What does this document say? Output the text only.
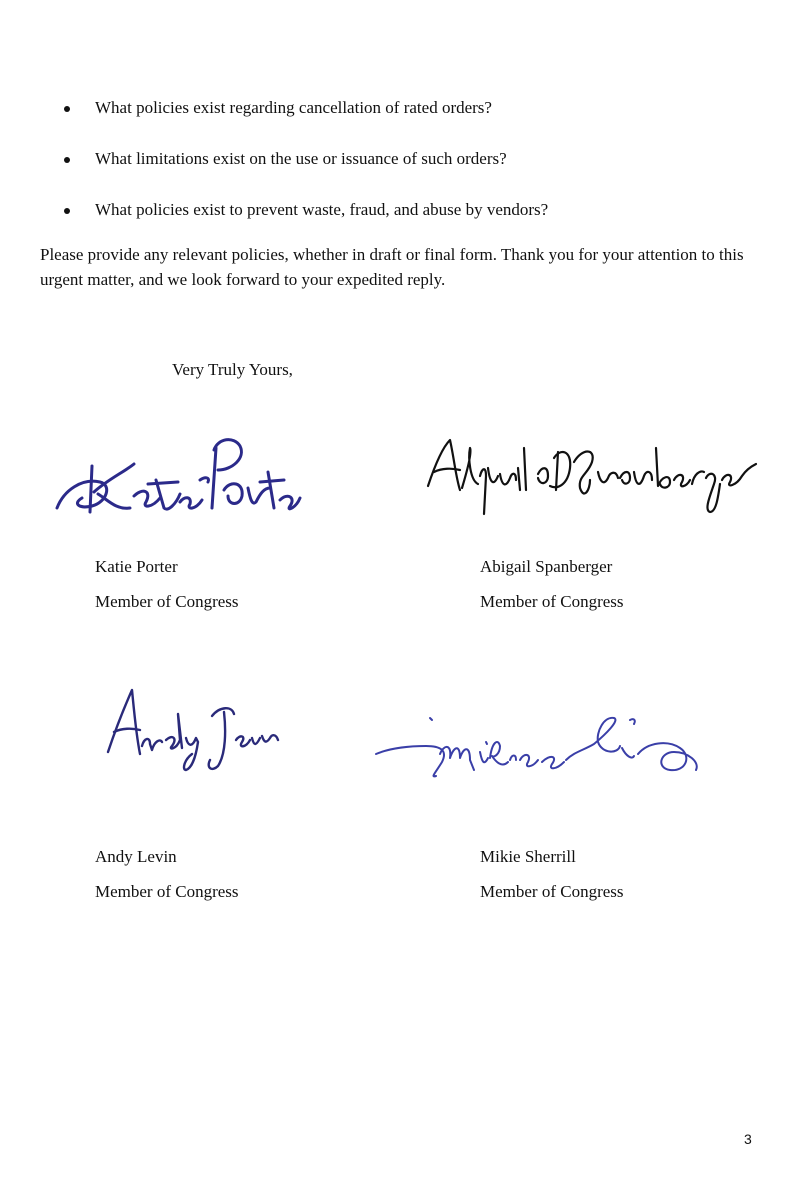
What policies exist regarding cancellation of rated orders?
What limitations exist on the use or issuance of such orders?
What policies exist to prevent waste, fraud, and abuse by vendors?

Please provide any relevant policies, whether in draft or final form. Thank you for your attention to this urgent matter, and we look forward to your expedited reply.

Very Truly Yours,
Katie Porter
Member of Congress
Abigail Spanberger
Member of Congress
Andy Levin
Member of Congress
Mikie Sherrill
Member of Congress
3
